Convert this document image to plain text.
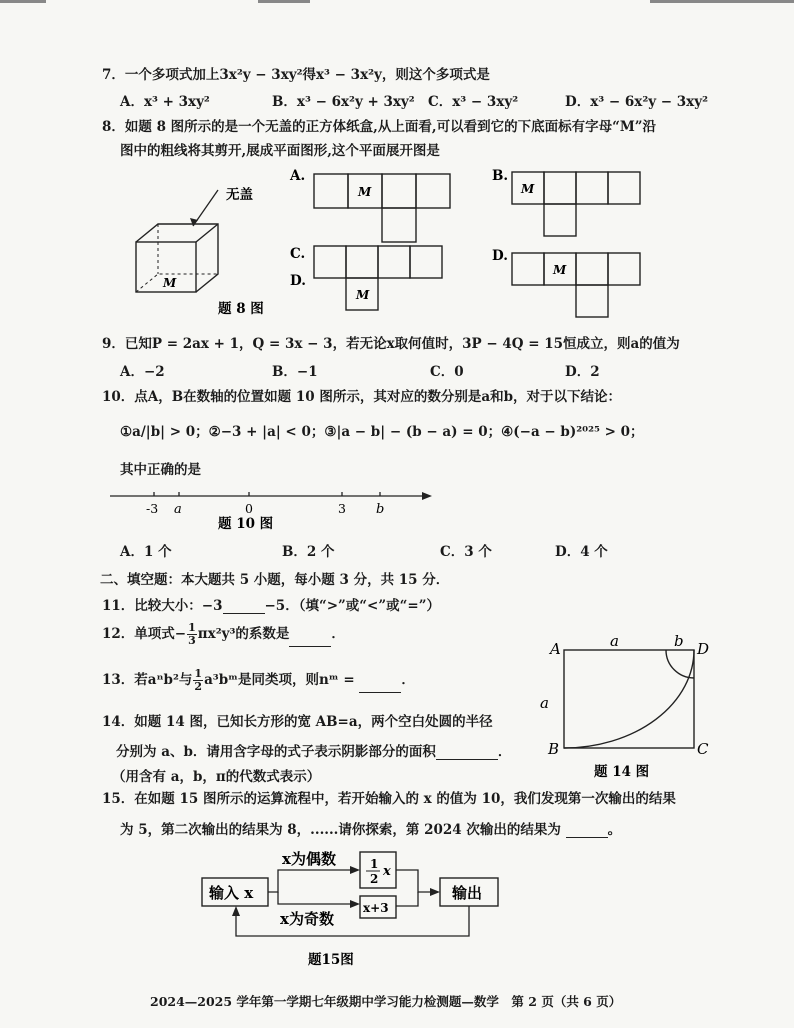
7．一个多项式加上3x²y − 3xy²得x³ − 3x²y，则这个多项式是
A．x³ + 3xy²	B．x³ − 6x²y + 3xy² C．x³ − 3xy²	D．x³ − 6x²y − 3xy²
8．如题 8 图所示的是一个无盖的正方体纸盒,从上面看,可以看到它的下底面标有字母“M”沿
图中的粗线将其剪开,展成平面图形,这个平面展开图是
无盖
M
题 8 图
A.
M
B.
M
C.
D.
M
D.
M
9．已知P = 2ax + 1，Q = 3x − 3，若无论x取何值时，3P − 4Q = 15恒成立，则a的值为
A．−2	B．−1	C．0	D．2
10．点A，B在数轴的位置如题 10 图所示，其对应的数分别是a和b，对于以下结论：
①a/|b| > 0；②−3 + |a| < 0；③|a − b| − (b − a) = 0；④(−a − b)²⁰²⁵ > 0；
其中正确的是
-3 a	0	3 b
题 10 图
A．1 个	B．2 个	C．3 个	D．4 个
二、填空题：本大题共 5 小题，每小题 3 分，共 15 分．
11．比较大小：−3	−5．（填“>”或“<”或“=”）
12．单项式− $\frac{1}{3} \pi x^2y^3$的系数是	．
13．若aⁿb²与 $\frac{1}{2}$ a³bᵐ是同类项，则nᵐ =	．
14．如题 14 图，已知长方形的宽 AB=a，两个空白处圆的半径
分别为 a、b．请用含字母的式子表示阴影部分的面积	．
（用含有 a，b，π的代数式表示）
A	D
B	C
a	b
a
题 14 图
15．在如题 15 图所示的运算流程中，若开始输入的 x 的值为 10，我们发现第一次输出的结果
为 5，第二次输出的结果为 8，......请你探索，第 2024 次输出的结果为	。
输入 x
x为偶数	1
2 x
x+3
x为奇数
输出
题15图
2024—2025 学年第一学期七年级期中学习能力检测题—数学　第 2 页（共 6 页）
